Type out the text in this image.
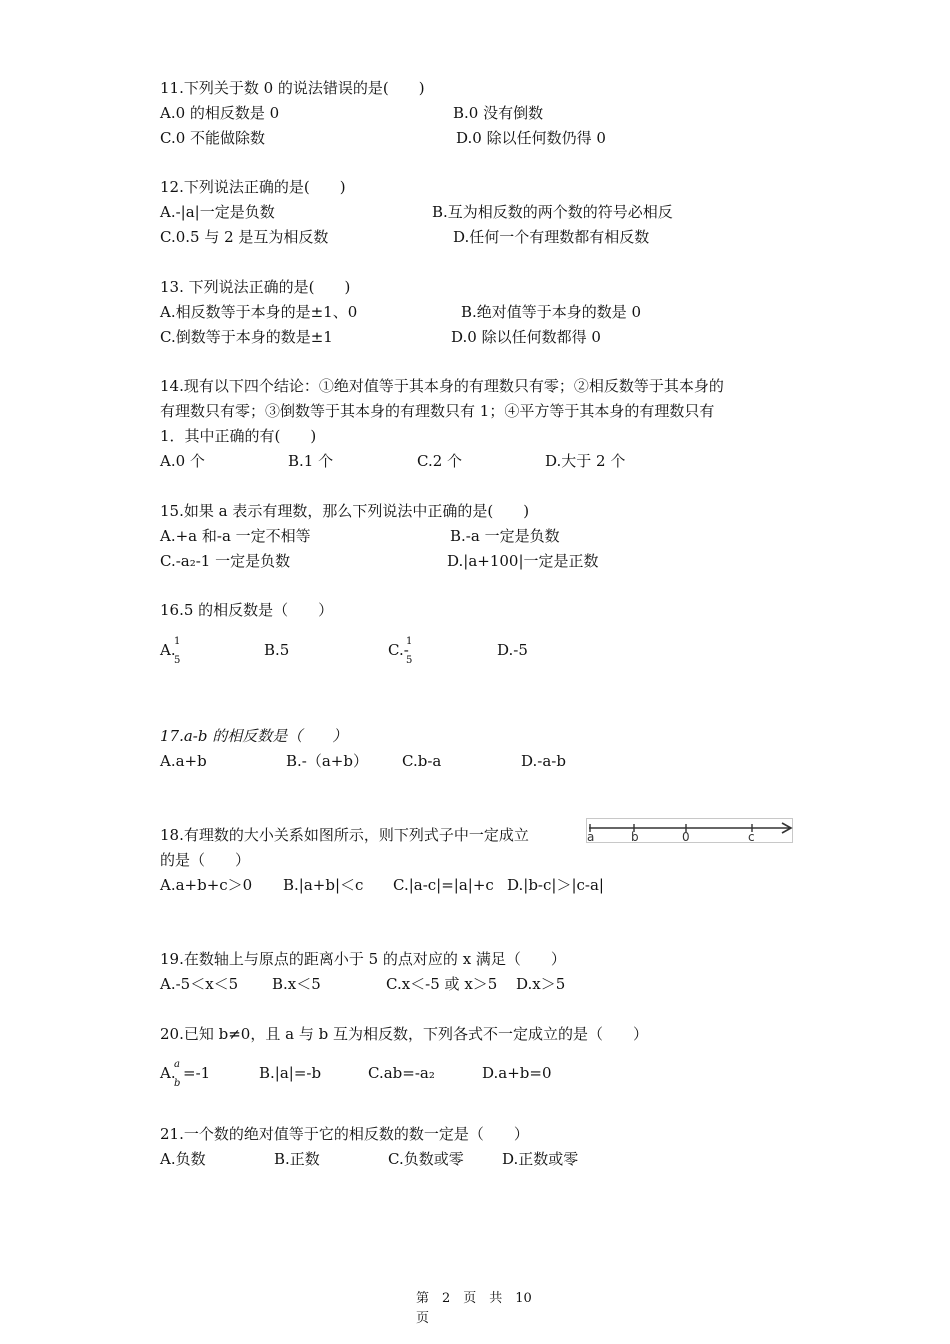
11.下列关于数 0 的说法错误的是(　　)
A.0 的相反数是 0	B.0 没有倒数
C.0 不能做除数	D.0 除以任何数仍得 0
12.下列说法正确的是(　　)
A.-|a|一定是负数	B.互为相反数的两个数的符号必相反
C.0.5 与 2 是互为相反数	D.任何一个有理数都有相反数
13. 下列说法正确的是(　　)
A.相反数等于本身的是±1、0	B.绝对值等于本身的数是 0
C.倒数等于本身的数是±1	D.0 除以任何数都得 0
14.现有以下四个结论：①绝对值等于其本身的有理数只有零；②相反数等于其本身的
有理数只有零；③倒数等于其本身的有理数只有 1；④平方等于其本身的有理数只有
1．其中正确的有(　　)
A.0 个	B.1 个	C.2 个	D.大于 2 个
15.如果 a 表示有理数，那么下列说法中正确的是(　　)
A.+a 和-a 一定不相等	B.-a 一定是负数
C.-a₂-1 一定是负数	D.|a+100|一定是正数
16.5 的相反数是（　　）
A.
1
5
B.5	C.-
1
5
D.-5
17.a-b 的相反数是（　　）
A.a+b	B.-（a+b） C.b-a	D.-a-b
18.有理数的大小关系如图所示，则下列式子中一定成立
的是（　　）
a	b	0	c
A.a+b+c＞0 B.|a+b|＜c C.|a-c|=|a|+c D.|b-c|＞|c-a|
19.在数轴上与原点的距离小于 5 的点对应的 x 满足（　　）
A.-5＜x＜5 B.x＜5	C.x＜-5 或 x＞5 D.x＞5
20.已知 b≠0，且 a 与 b 互为相反数，下列各式不一定成立的是（　　）
A.
a
b
=-1	B.|a|=-b	C.ab=-a₂	D.a+b=0
21.一个数的绝对值等于它的相反数的数一定是（　　）
A.负数	B.正数	C.负数或零	D.正数或零
第　2　页　共　10
页
